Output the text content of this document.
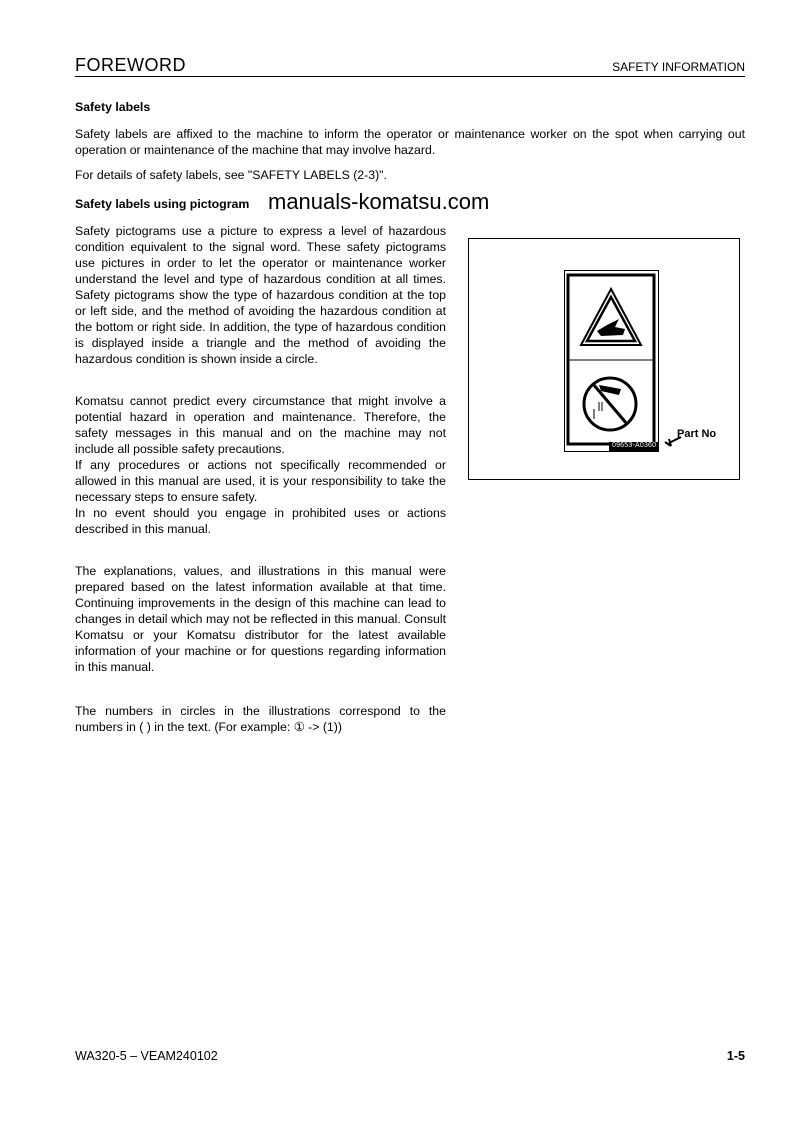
FOREWORD	SAFETY INFORMATION
Safety labels
Safety labels are affixed to the machine to inform the operator or maintenance worker on the spot when carrying out operation or maintenance of the machine that may involve hazard.
For details of safety labels, see "SAFETY LABELS (2-3)".
manuals-komatsu.com
Safety labels using pictogram
Safety pictograms use a picture to express a level of hazardous condition equivalent to the signal word. These safety pictograms use pictures in order to let the operator or maintenance worker understand the level and type of hazardous condition at all times. Safety pictograms show the type of hazardous condition at the top or left side, and the method of avoiding the hazardous condition at the bottom or right side. In addition, the type of hazardous condition is displayed inside a triangle and the method of avoiding the hazardous condition is shown inside a circle.
Komatsu cannot predict every circumstance that might involve a potential hazard in operation and maintenance. Therefore, the safety messages in this manual and on the machine may not include all possible safety precautions.
If any procedures or actions not specifically recommended or allowed in this manual are used, it is your responsibility to take the necessary steps to ensure safety.
In no event should you engage in prohibited uses or actions described in this manual.
The explanations, values, and illustrations in this manual were prepared based on the latest information available at that time. Continuing improvements in the design of this machine can lead to changes in detail which may not be reflected in this manual. Consult Komatsu or your Komatsu distributor for the latest available information of your machine or for questions regarding information in this manual.
The numbers in circles in the illustrations correspond to the numbers in ( ) in the text. (For example: ① -> (1))
09653-A0360
Part No
WA320-5 – VEAM240102	1-5
